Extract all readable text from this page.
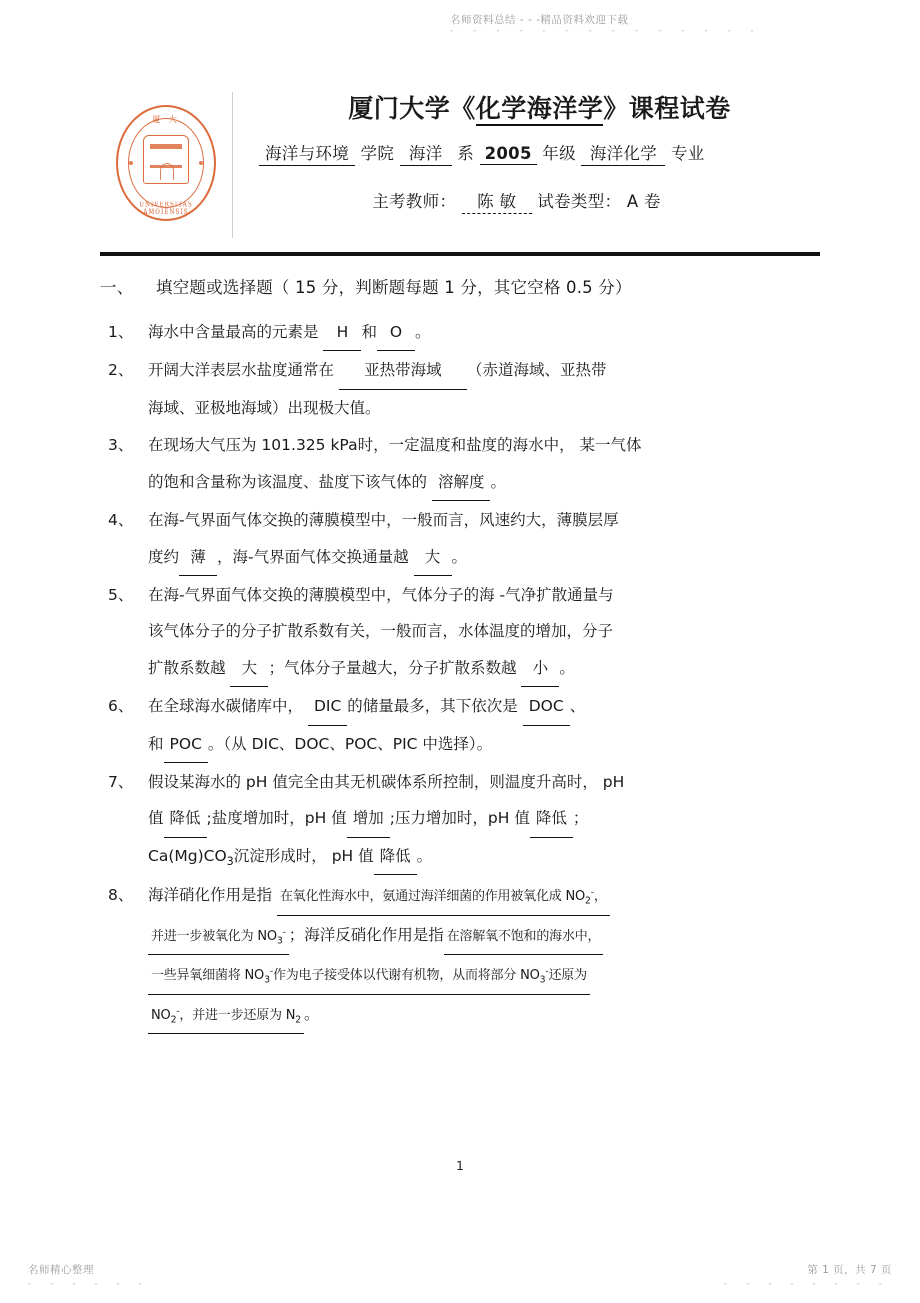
名师资料总结 - - -精品资料欢迎下载
- - - - - - - - - - - - - -
名师精心整理
- - - - - -
第 1 页，共 7 页
- - - - - - - -
厦 大
UNIVERSITAS AMOIENSIS
厦门大学《化学海洋学》课程试卷
海洋与环境 学院 海洋 系 2005 年级 海洋化学 专业
主考教师： 陈 敏 试卷类型： A 卷
一、 填空题或选择题（ 15 分，判断题每题 1 分，其它空格 0.5 分）
1、 海水中含量最高的元素是 H 和 O 。
2、 开阔大洋表层水盐度通常在 亚热带海域 （赤道海域、亚热带
海域、亚极地海域）出现极大值。
3、 在现场大气压为 101.325 kPa时，一定温度和盐度的海水中， 某一气体
的饱和含量称为该温度、盐度下该气体的 溶解度 。
4、 在海-气界面气体交换的薄膜模型中，一般而言，风速约大，薄膜层厚
度约 薄 ，海-气界面气体交换通量越 大 。
5、 在海-气界面气体交换的薄膜模型中，气体分子的海 -气净扩散通量与
该气体分子的分子扩散系数有关，一般而言，水体温度的增加，分子
扩散系数越 大 ；气体分子量越大，分子扩散系数越 小 。
6、 在全球海水碳储库中， DIC 的储量最多，其下依次是 DOC 、
和 POC 。（从 DIC、DOC、POC、PIC 中选择）。
7、 假设某海水的 pH 值完全由其无机碳体系所控制，则温度升高时， pH
值 降低 ;盐度增加时，pH 值 增加 ;压力增加时，pH 值 降低 ；
$Ca(Mg)CO_3$沉淀形成时， pH 值 降低 。
8、 海洋硝化作用是指 在氧化性海水中，氨通过海洋细菌的作用被氧化成 $NO_2^-$，
并进一步被氧化为 $NO_3^-$ ；海洋反硝化作用是指在溶解氧不饱和的海水中，
一些异氧细菌将 $NO_3^-$作为电子接受体以代谢有机物，从而将部分 $NO_3^-$还原为
$NO_2^-$，并进一步还原为 $N_2$ 。
1
